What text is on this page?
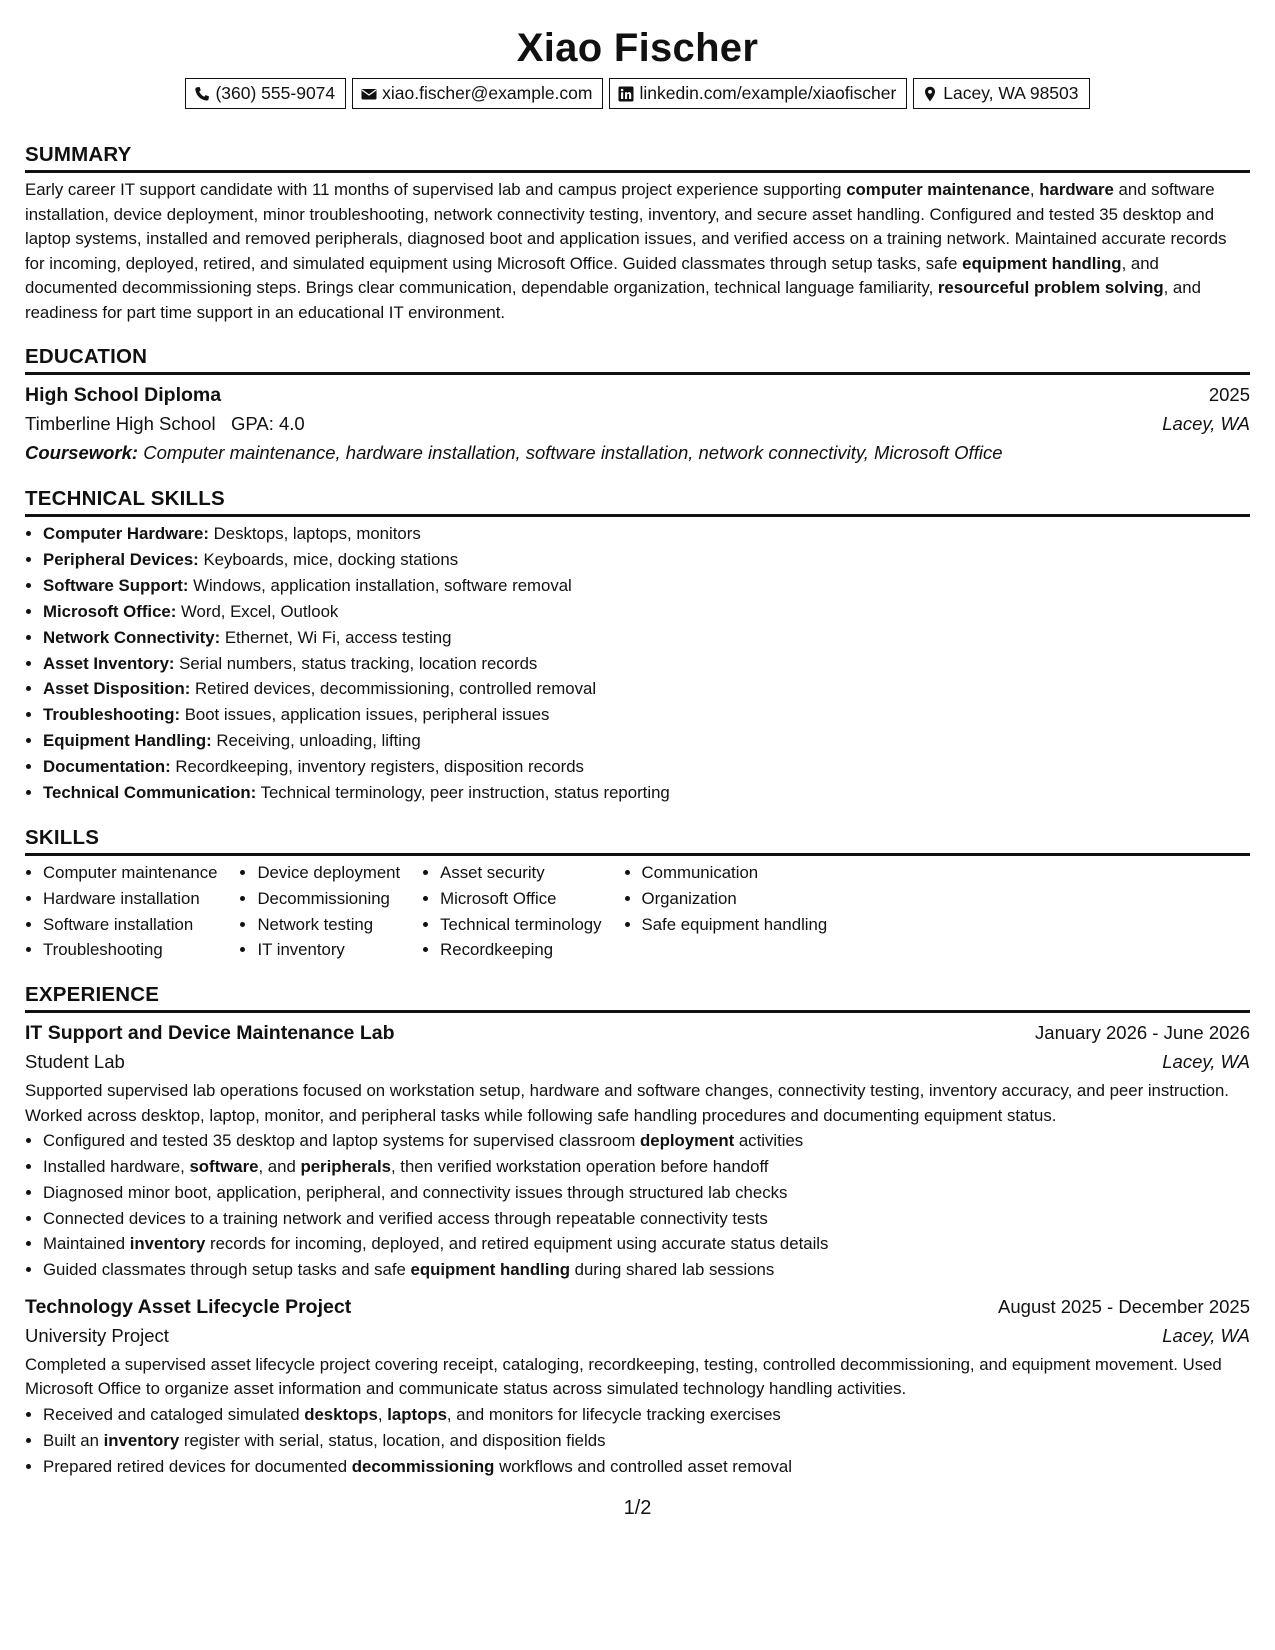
Xiao Fischer
(360) 555-9074	xiao.fischer@example.com	linkedin.com/example/xiaofischer	Lacey, WA 98503
SUMMARY

Early career IT support candidate with 11 months of supervised lab and campus project experience supporting computer maintenance, hardware and software installation, device deployment, minor troubleshooting, network connectivity testing, inventory, and secure asset handling. Configured and tested 35 desktop and laptop systems, installed and removed peripherals, diagnosed boot and application issues, and verified access on a training network. Maintained accurate records for incoming, deployed, retired, and simulated equipment using Microsoft Office. Guided classmates through setup tasks, safe equipment handling, and documented decommissioning steps. Brings clear communication, dependable organization, technical language familiarity, resourceful problem solving, and readiness for part time support in an educational IT environment.

EDUCATION
High School Diploma	2025
Timberline High School GPA: 4.0	Lacey, WA
Coursework: Computer maintenance, hardware installation, software installation, network connectivity, Microsoft Office
TECHNICAL SKILLS
• Computer Hardware: Desktops, laptops, monitors
• Peripheral Devices: Keyboards, mice, docking stations
• Software Support: Windows, application installation, software removal
• Microsoft Office: Word, Excel, Outlook
• Network Connectivity: Ethernet, Wi Fi, access testing
• Asset Inventory: Serial numbers, status tracking, location records
• Asset Disposition: Retired devices, decommissioning, controlled removal
• Troubleshooting: Boot issues, application issues, peripheral issues
• Equipment Handling: Receiving, unloading, lifting
• Documentation: Recordkeeping, inventory registers, disposition records
• Technical Communication: Technical terminology, peer instruction, status reporting
SKILLS
• Computer maintenance
• Hardware installation
• Software installation
• Troubleshooting
• Device deployment
• Decommissioning
• Network testing
• IT inventory
• Asset security
• Microsoft Office
• Technical terminology
• Recordkeeping
• Communication
• Organization
• Safe equipment handling
EXPERIENCE
IT Support and Device Maintenance Lab	January 2026 - June 2026
Student Lab	Lacey, WA

Supported supervised lab operations focused on workstation setup, hardware and software changes, connectivity testing, inventory accuracy, and peer instruction. Worked across desktop, laptop, monitor, and peripheral tasks while following safe handling procedures and documenting equipment status.

• Configured and tested 35 desktop and laptop systems for supervised classroom deployment activities
• Installed hardware, software, and peripherals, then verified workstation operation before handoff
• Diagnosed minor boot, application, peripheral, and connectivity issues through structured lab checks
• Connected devices to a training network and verified access through repeatable connectivity tests
• Maintained inventory records for incoming, deployed, and retired equipment using accurate status details
• Guided classmates through setup tasks and safe equipment handling during shared lab sessions
Technology Asset Lifecycle Project	August 2025 - December 2025
University Project	Lacey, WA

Completed a supervised asset lifecycle project covering receipt, cataloging, recordkeeping, testing, controlled decommissioning, and equipment movement. Used Microsoft Office to organize asset information and communicate status across simulated technology handling activities.

• Received and cataloged simulated desktops, laptops, and monitors for lifecycle tracking exercises
• Built an inventory register with serial, status, location, and disposition fields
• Prepared retired devices for documented decommissioning workflows and controlled asset removal
1/2
